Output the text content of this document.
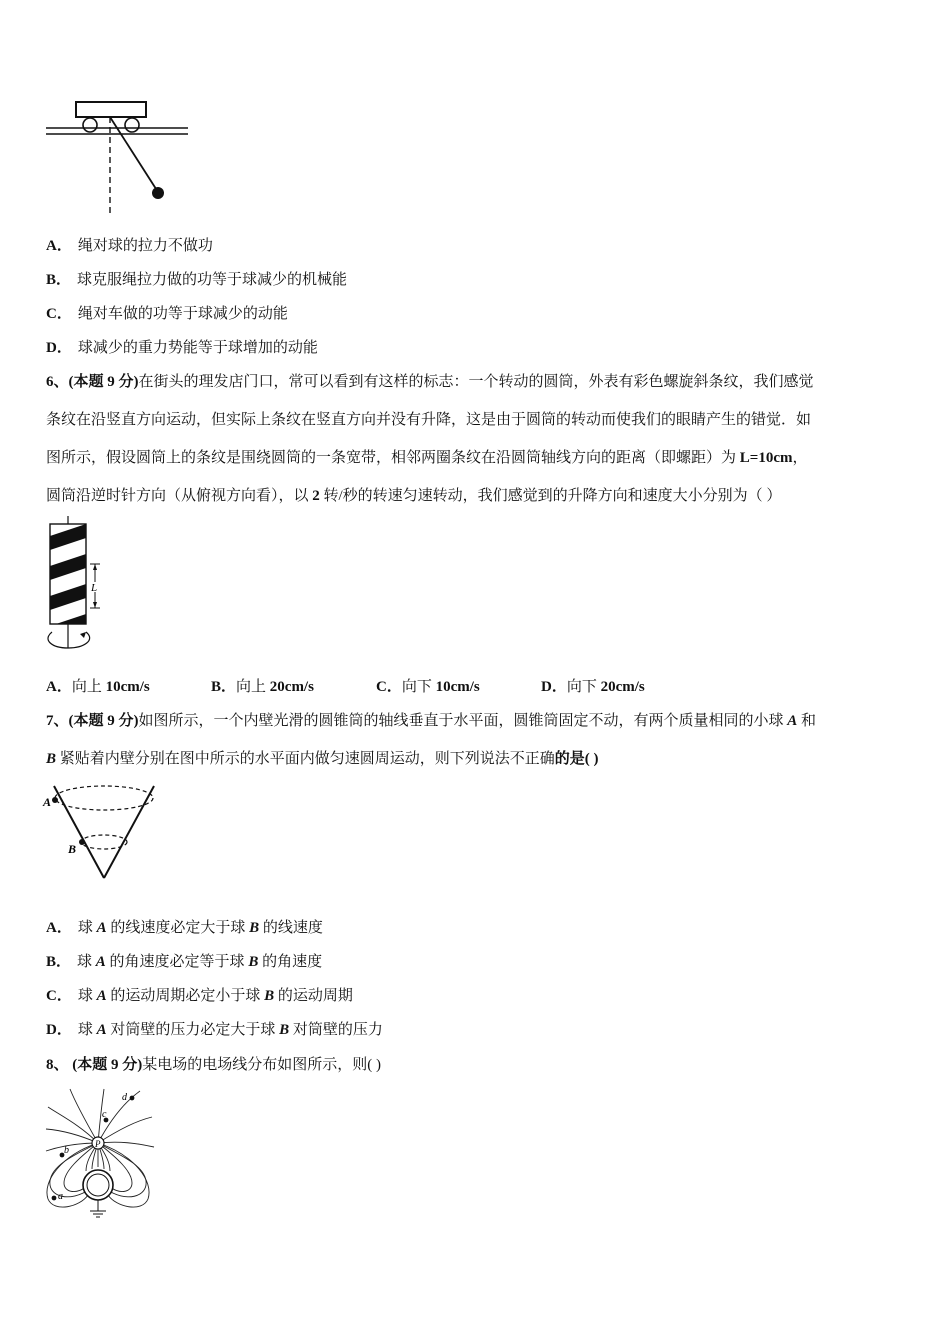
A． 绳对球的拉力不做功
B． 球克服绳拉力做的功等于球减少的机械能
C． 绳对车做的功等于球减少的动能
D． 球减少的重力势能等于球增加的动能
6、(本题 9 分)在街头的理发店门口，常可以看到有这样的标志：一个转动的圆筒，外表有彩色螺旋斜条纹，我们感觉
条纹在沿竖直方向运动，但实际上条纹在竖直方向并没有升降，这是由于圆筒的转动而使我们的眼睛产生的错觉．如
图所示，假设圆筒上的条纹是围绕圆筒的一条宽带，相邻两圈条纹在沿圆筒轴线方向的距离（即螺距）为 L=10cm，
圆筒沿逆时针方向（从俯视方向看），以 2 转/秒的转速匀速转动，我们感觉到的升降方向和速度大小分别为（ ）
L
A．向上 10cm/s	B．向上 20cm/s	C．向下 10cm/s	D．向下 20cm/s
7、(本题 9 分)如图所示，一个内壁光滑的圆锥筒的轴线垂直于水平面，圆锥筒固定不动，有两个质量相同的小球 A 和
B 紧贴着内壁分别在图中所示的水平面内做匀速圆周运动，则下列说法不正确的是( )
A
B
A． 球 A 的线速度必定大于球 B 的线速度
B． 球 A 的角速度必定等于球 B 的角速度
C． 球 A 的运动周期必定小于球 B 的运动周期
D． 球 A 对筒壁的压力必定大于球 B 对筒壁的压力
8、 (本题 9 分)某电场的电场线分布如图所示，则( )
P
d
c
b
a
